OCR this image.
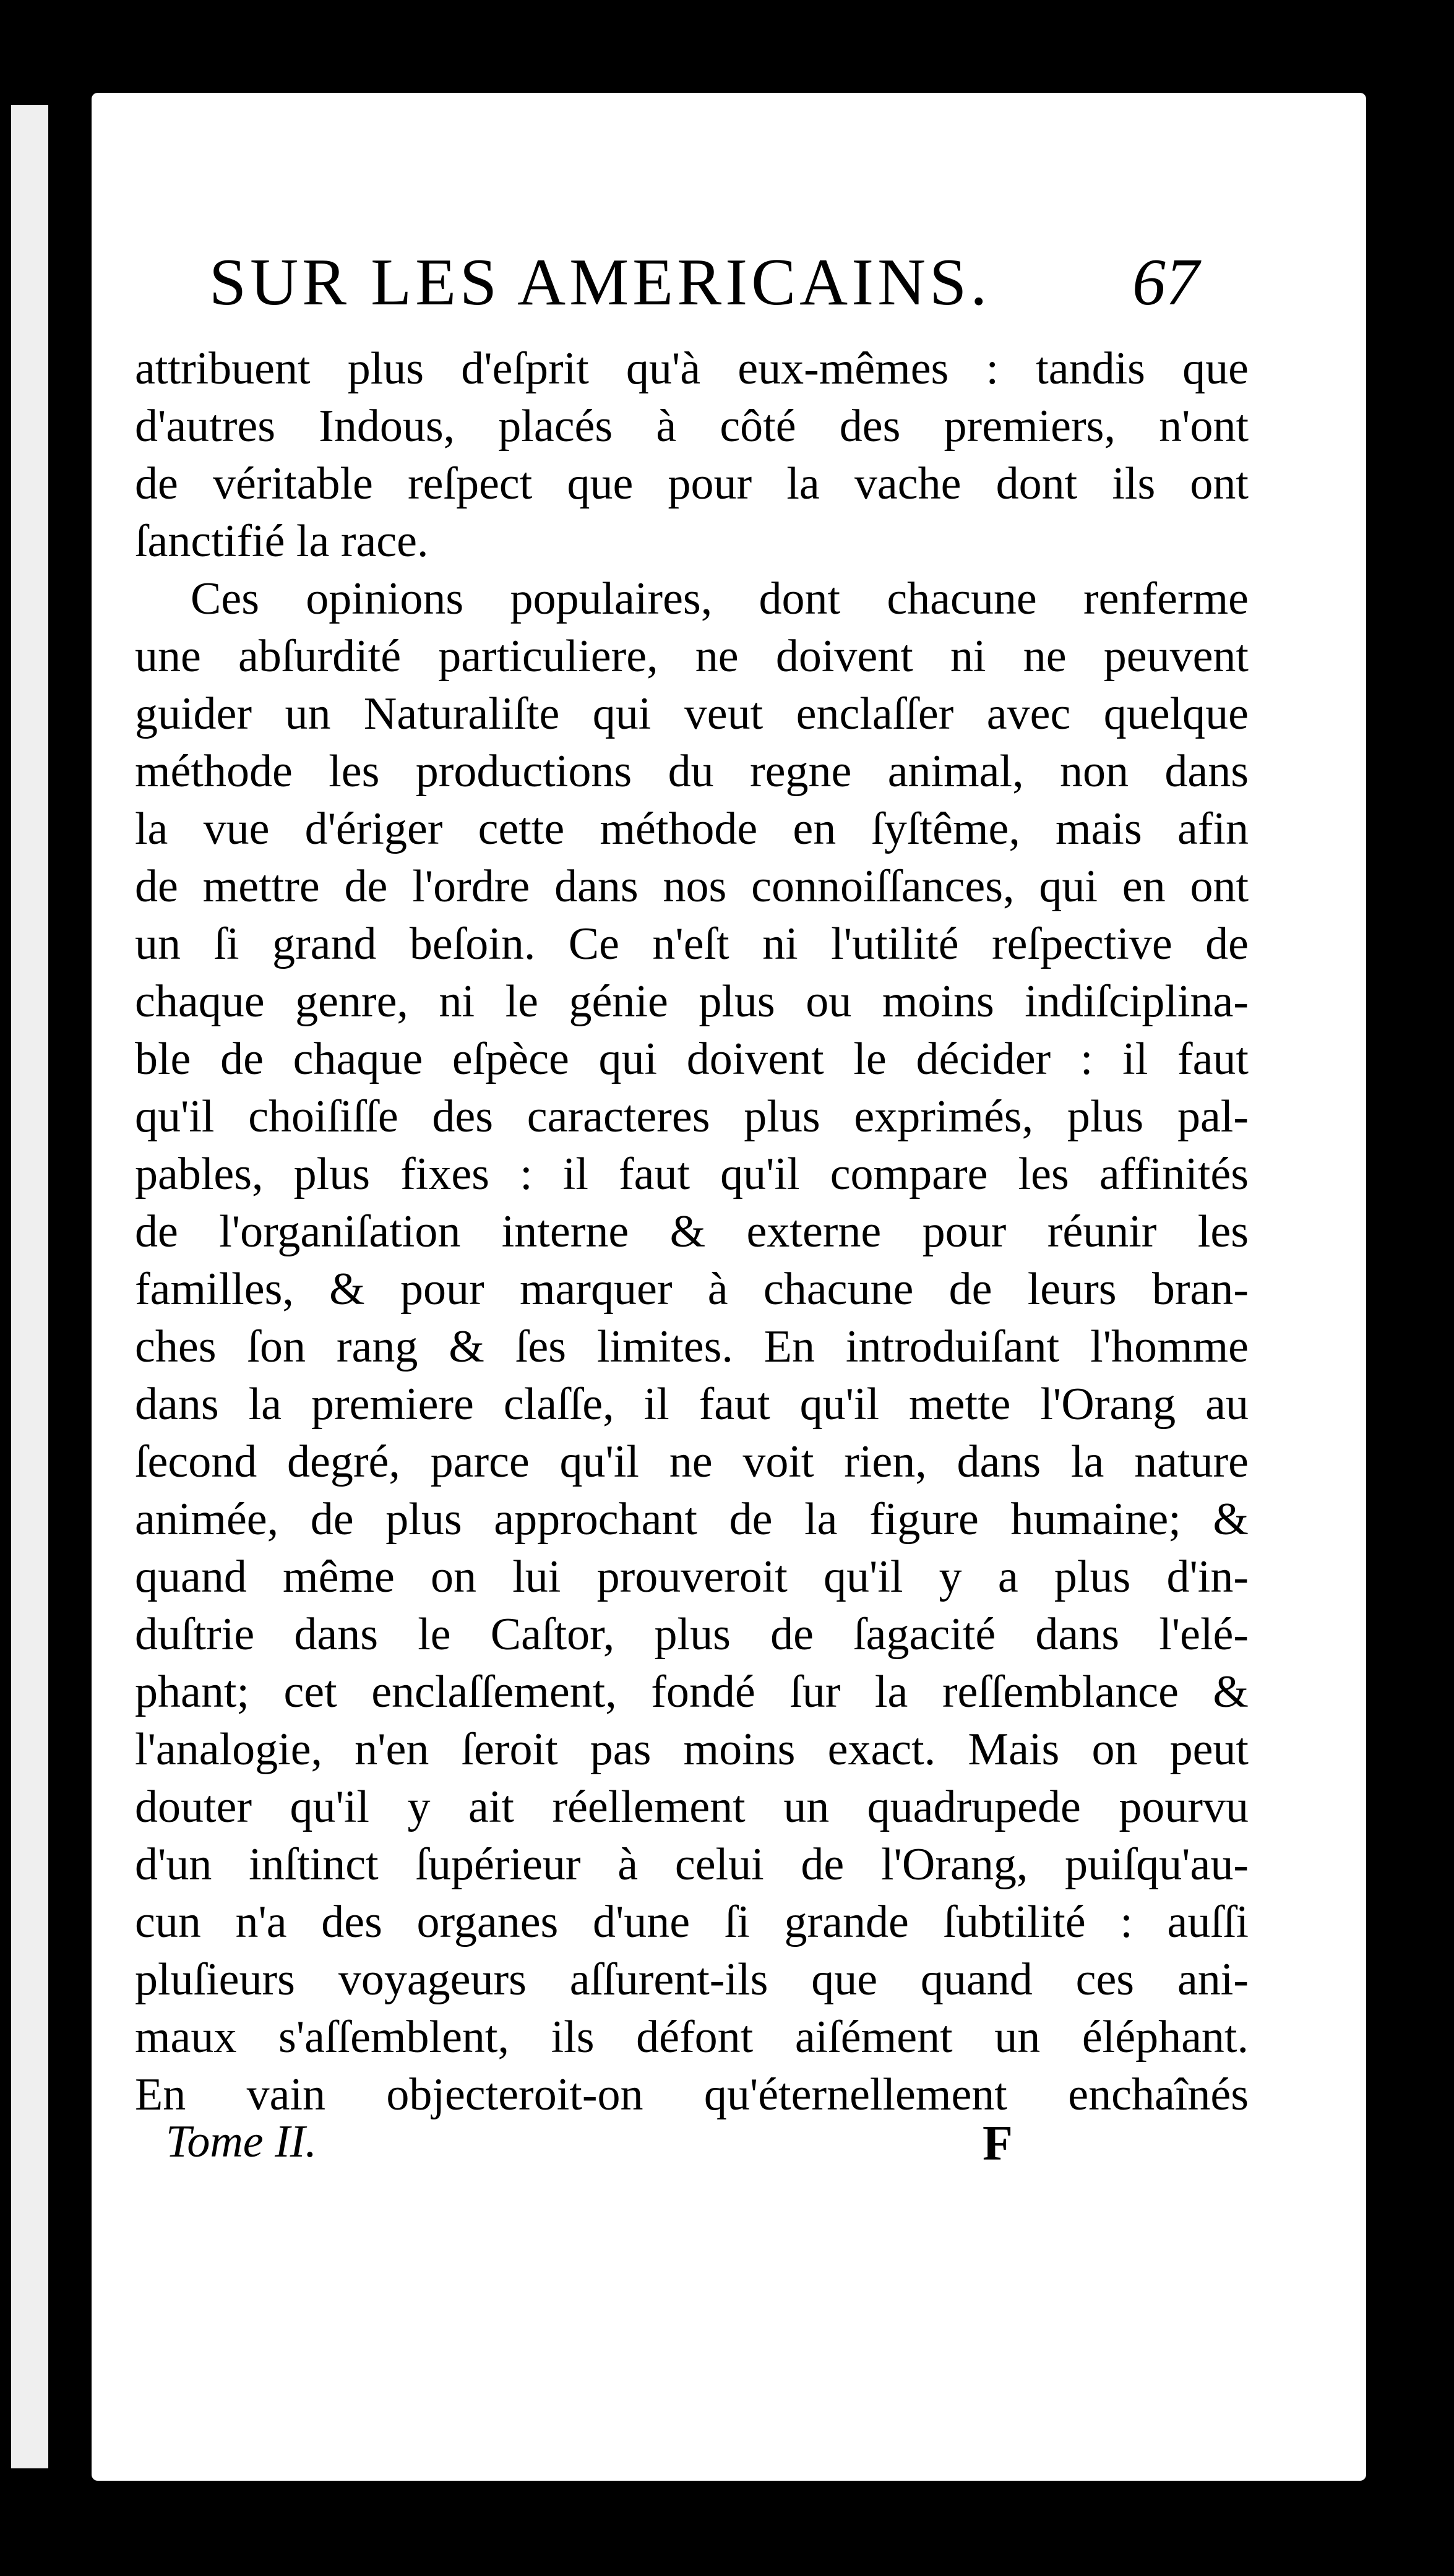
SUR LES AMERICAINS. 67
attribuent plus d'eſprit qu'à eux-mêmes : tandis que
d'autres Indous, placés à côté des premiers, n'ont
de véritable reſpect que pour la vache dont ils ont
ſanctifié la race.
Ces opinions populaires, dont chacune renferme
une abſurdité particuliere, ne doivent ni ne peuvent
guider un Naturaliſte qui veut enclaſſer avec quelque
méthode les productions du regne animal, non dans
la vue d'ériger cette méthode en ſyſtême, mais afin
de mettre de l'ordre dans nos connoiſſances, qui en ont
un ſi grand beſoin. Ce n'eſt ni l'utilité reſpective de
chaque genre, ni le génie plus ou moins indiſciplina-
ble de chaque eſpèce qui doivent le décider : il faut
qu'il choiſiſſe des caracteres plus exprimés, plus pal-
pables, plus fixes : il faut qu'il compare les affinités
de l'organiſation interne & externe pour réunir les
familles, & pour marquer à chacune de leurs bran-
ches ſon rang & ſes limites. En introduiſant l'homme
dans la premiere claſſe, il faut qu'il mette l'Orang au
ſecond degré, parce qu'il ne voit rien, dans la nature
animée, de plus approchant de la figure humaine; &
quand même on lui prouveroit qu'il y a plus d'in-
duſtrie dans le Caſtor, plus de ſagacité dans l'elé-
phant; cet enclaſſement, fondé ſur la reſſemblance &
l'analogie, n'en ſeroit pas moins exact. Mais on peut
douter qu'il y ait réellement un quadrupede pourvu
d'un inſtinct ſupérieur à celui de l'Orang, puiſqu'au-
cun n'a des organes d'une ſi grande ſubtilité : auſſi
pluſieurs voyageurs aſſurent-ils que quand ces ani-
maux s'aſſemblent, ils défont aiſément un éléphant.
En vain objecteroit-on qu'éternellement enchaînés
Tome II.	F
